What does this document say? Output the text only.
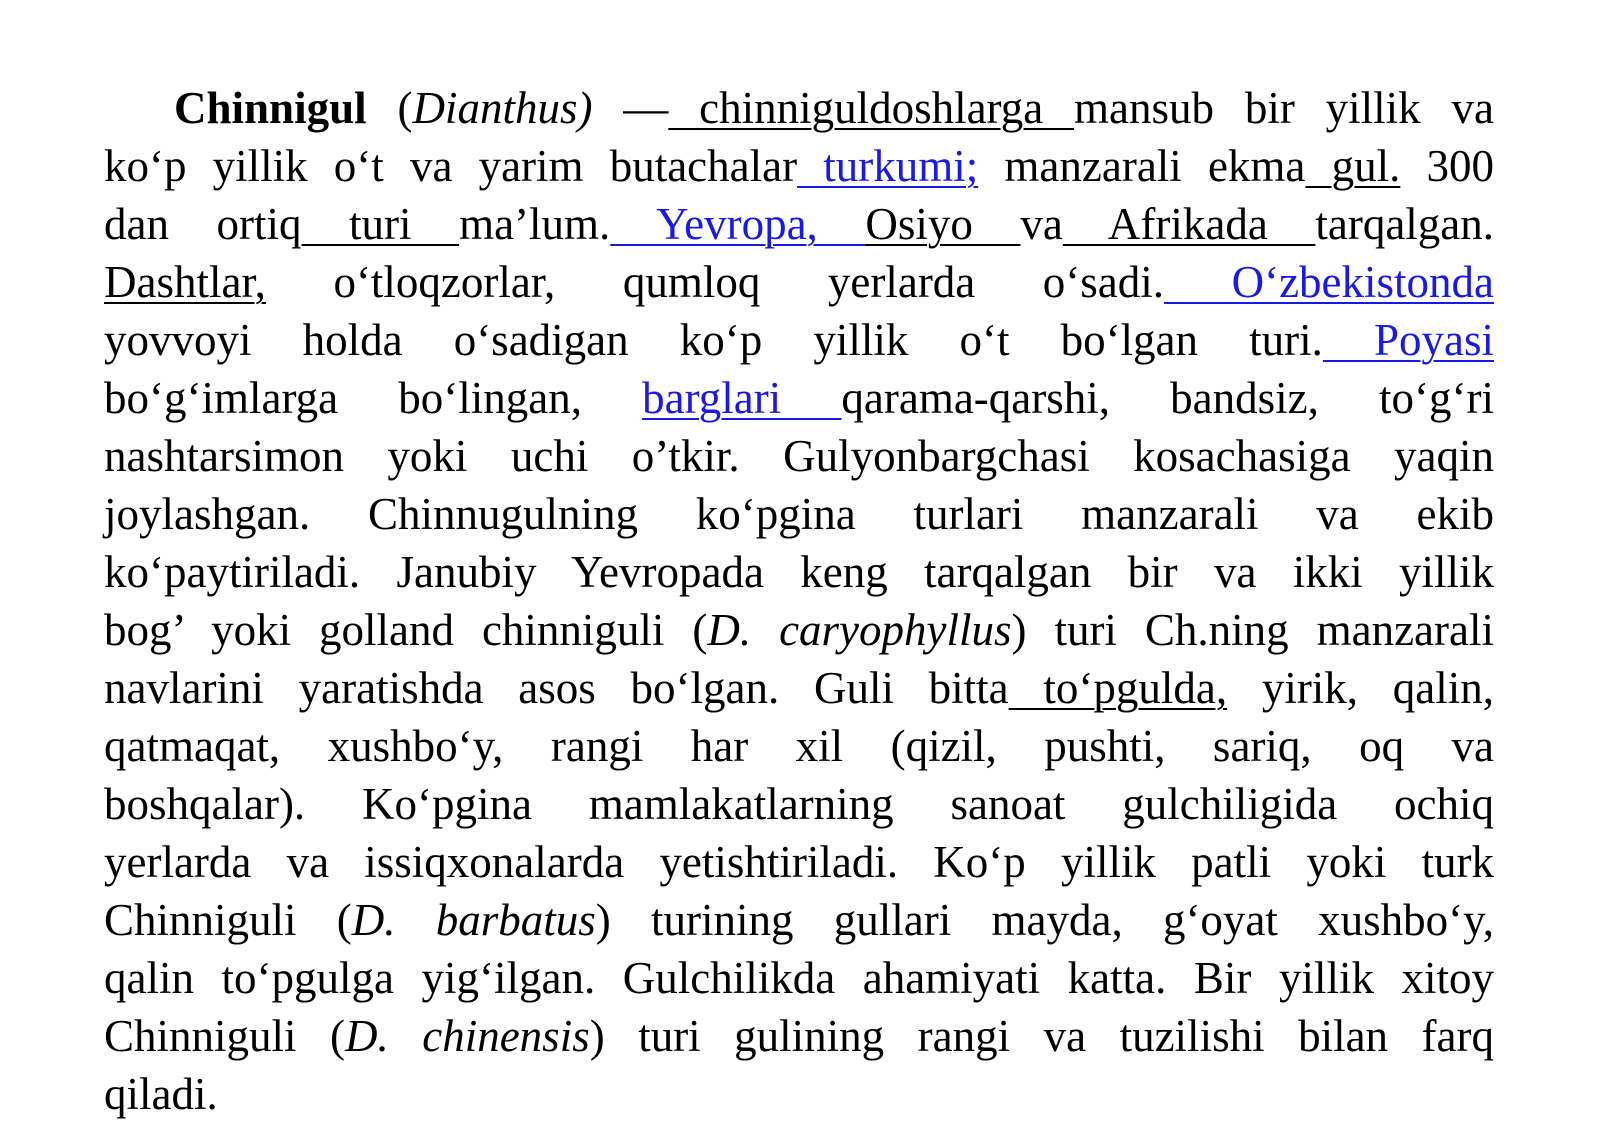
Chinnigul (Dianthus) — chinniguldoshlarga mansub bir yillik va
ko‘p yillik o‘t va yarim butachalar turkumi; manzarali ekma gul. 300
dan ortiq turi ma’lum. Yevropa, Osiyo va Afrikada tarqalgan.
Dashtlar, o‘tloqzorlar, qumloq yerlarda o‘sadi. O‘zbekistonda
yovvoyi holda o‘sadigan ko‘p yillik o‘t bo‘lgan turi. Poyasi
bo‘g‘imlarga bo‘lingan, barglari qarama-qarshi, bandsiz, to‘g‘ri
nashtarsimon yoki uchi o’tkir. Gulyonbargchasi kosachasiga yaqin
joylashgan. Chinnugulning ko‘pgina turlari manzarali va ekib
ko‘paytiriladi. Janubiy Yevropada keng tarqalgan bir va ikki yillik
bog’ yoki golland chinniguli (D. caryophyllus) turi Ch.ning manzarali
navlarini yaratishda asos bo‘lgan. Guli bitta to‘pgulda, yirik, qalin,
qatmaqat, xushbo‘y, rangi har xil (qizil, pushti, sariq, oq va
boshqalar). Ko‘pgina mamlakatlarning sanoat gulchiligida ochiq
yerlarda va issiqxonalarda yetishtiriladi. Ko‘p yillik patli yoki turk
Chinniguli (D. barbatus) turining gullari mayda, g‘oyat xushbo‘y,
qalin to‘pgulga yig‘ilgan. Gulchilikda ahamiyati katta. Bir yillik xitoy
Chinniguli (D. chinensis) turi gulining rangi va tuzilishi bilan farq
qiladi.
